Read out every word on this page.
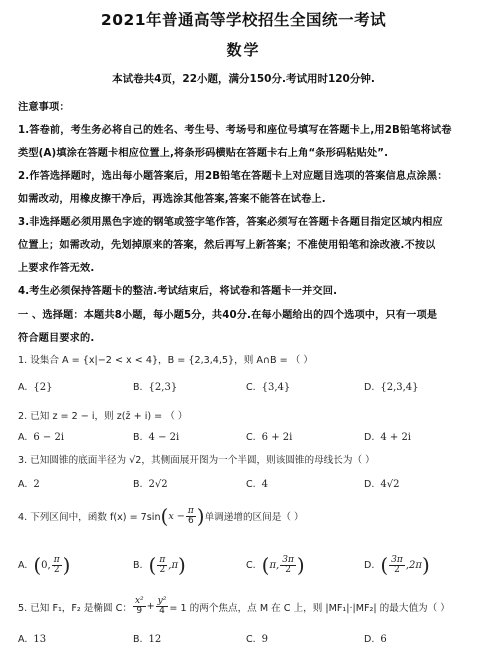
2021年普通高等学校招生全国统一考试
数学
本试卷共4页，22小题，满分150分.考试用时120分钟.
注意事项：
1.答卷前，考生务必将自己的姓名、考生号、考场号和座位号填写在答题卡上,用2B铅笔将试卷
类型(A)填涂在答题卡相应位置上,将条形码横贴在答题卡右上角“条形码粘贴处”.
2.作答选择题时，选出每小题答案后，用2B铅笔在答题卡上对应题目选项的答案信息点涂黑：
如需改动，用橡皮擦干净后，再选涂其他答案,答案不能答在试卷上.
3.非选择题必须用黑色字迹的钢笔或签字笔作答，答案必须写在答题卡各题目指定区域内相应
位置上；如需改动，先划掉原来的答案，然后再写上新答案；不准使用铅笔和涂改液.不按以
上要求作答无效.
4.考生必须保持答题卡的整洁.考试结束后，将试卷和答题卡一并交回.
一 、选择题：本题共8小题，每小题5分，共40分.在每小题给出的四个选项中，只有一项是
符合题目要求的.
1. 设集合 A = {x|−2 < x < 4}，B = {2,3,4,5}，则 A∩B = （ ）
A. {2}	B. {2,3}	C. {3,4}	D. {2,3,4}
2. 已知 z = 2 − i，则 z(z̄ + i) = （ ）
A. 6 − 2i	B. 4 − 2i	C. 6 + 2i	D. 4 + 2i
3. 已知圆锥的底面半径为 √2，其侧面展开图为一个半圆，则该圆锥的母线长为（ ）
A. 2	B. 2√2	C. 4	D. 4√2
4. 下列区间中，函数 f(x) = 7sin ( $x - \frac{\pi}{6}$ ) 单调递增的区间是（ ）
A. ( 0, $\frac{\pi}{2}$ )	B. ( $\frac{\pi}{2} ,\pi$ )	C. ( π, $\frac{3\pi}{2}$ )	D. ( $\frac{3\pi}{2} ,2\pi$ )
5. 已知 F₁，F₂ 是椭圆 C： $\frac{\text{x²}}{9} + \frac{\text{y²}}{4} = 1$ 的两个焦点，点 M 在 C 上，则 |MF₁|·|MF₂| 的最大值为（ ）
A. 13	B. 12	C. 9	D. 6
